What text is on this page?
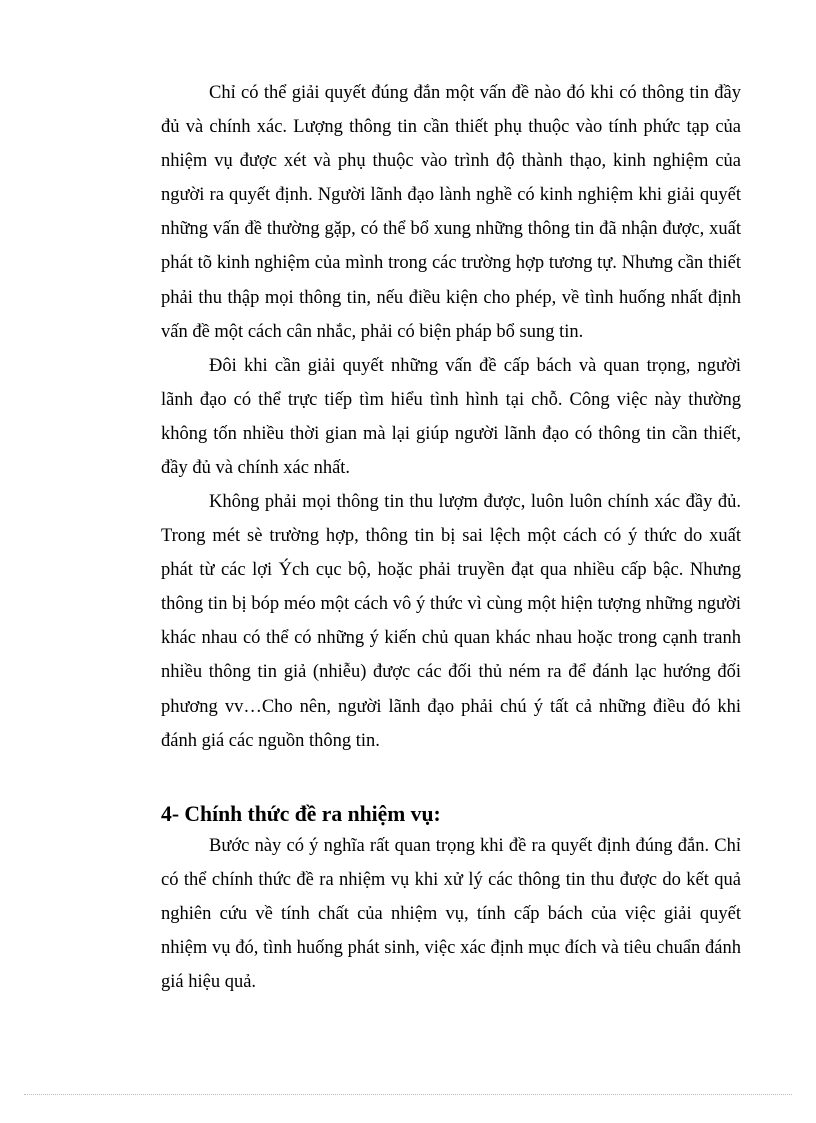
Chỉ có thể giải quyết đúng đắn một vấn đề nào đó khi có thông tin đầy đủ và chính xác. Lượng thông tin cần thiết phụ thuộc vào tính phức tạp của nhiệm vụ được xét và phụ thuộc vào trình độ thành thạo, kinh nghiệm của người ra quyết định. Người lãnh đạo lành nghề có kinh nghiệm khi giải quyết những vấn đề thường gặp, có thể bổ xung những thông tin đã nhận được, xuất phát tõ kinh nghiệm của mình trong các trường hợp tương tự. Nhưng cần thiết phải thu thập mọi thông tin, nếu điều kiện cho phép, về tình huống nhất định vấn đề một cách cân nhắc, phải có biện pháp bổ sung tin.

Đôi khi cần giải quyết những vấn đề cấp bách và quan trọng, người lãnh đạo có thể trực tiếp tìm hiểu tình hình tại chỗ. Công việc này thường không tốn nhiều thời gian mà lại giúp người lãnh đạo có thông tin cần thiết, đầy đủ và chính xác nhất.

Không phải mọi thông tin thu lượm được, luôn luôn chính xác đầy đủ. Trong mét sè trường hợp, thông tin bị sai lệch một cách có ý thức do xuất phát từ các lợi Ých cục bộ, hoặc phải truyền đạt qua nhiều cấp bậc. Nhưng thông tin bị bóp méo một cách vô ý thức vì cùng một hiện tượng những người khác nhau có thể có những ý kiến chủ quan khác nhau hoặc trong cạnh tranh nhiều thông tin giả (nhiễu) được các đối thủ ném ra để đánh lạc hướng đối phương vv…Cho nên, người lãnh đạo phải chú ý tất cả những điều đó khi đánh giá các nguồn thông tin.

4- Chính thức đề ra nhiệm vụ:

Bước này có ý nghĩa rất quan trọng khi đề ra quyết định đúng đắn. Chỉ có thể chính thức đề ra nhiệm vụ khi xử lý các thông tin thu được do kết quả nghiên cứu về tính chất của nhiệm vụ, tính cấp bách của việc giải quyết nhiệm vụ đó, tình huống phát sinh, việc xác định mục đích và tiêu chuẩn đánh giá hiệu quả.
